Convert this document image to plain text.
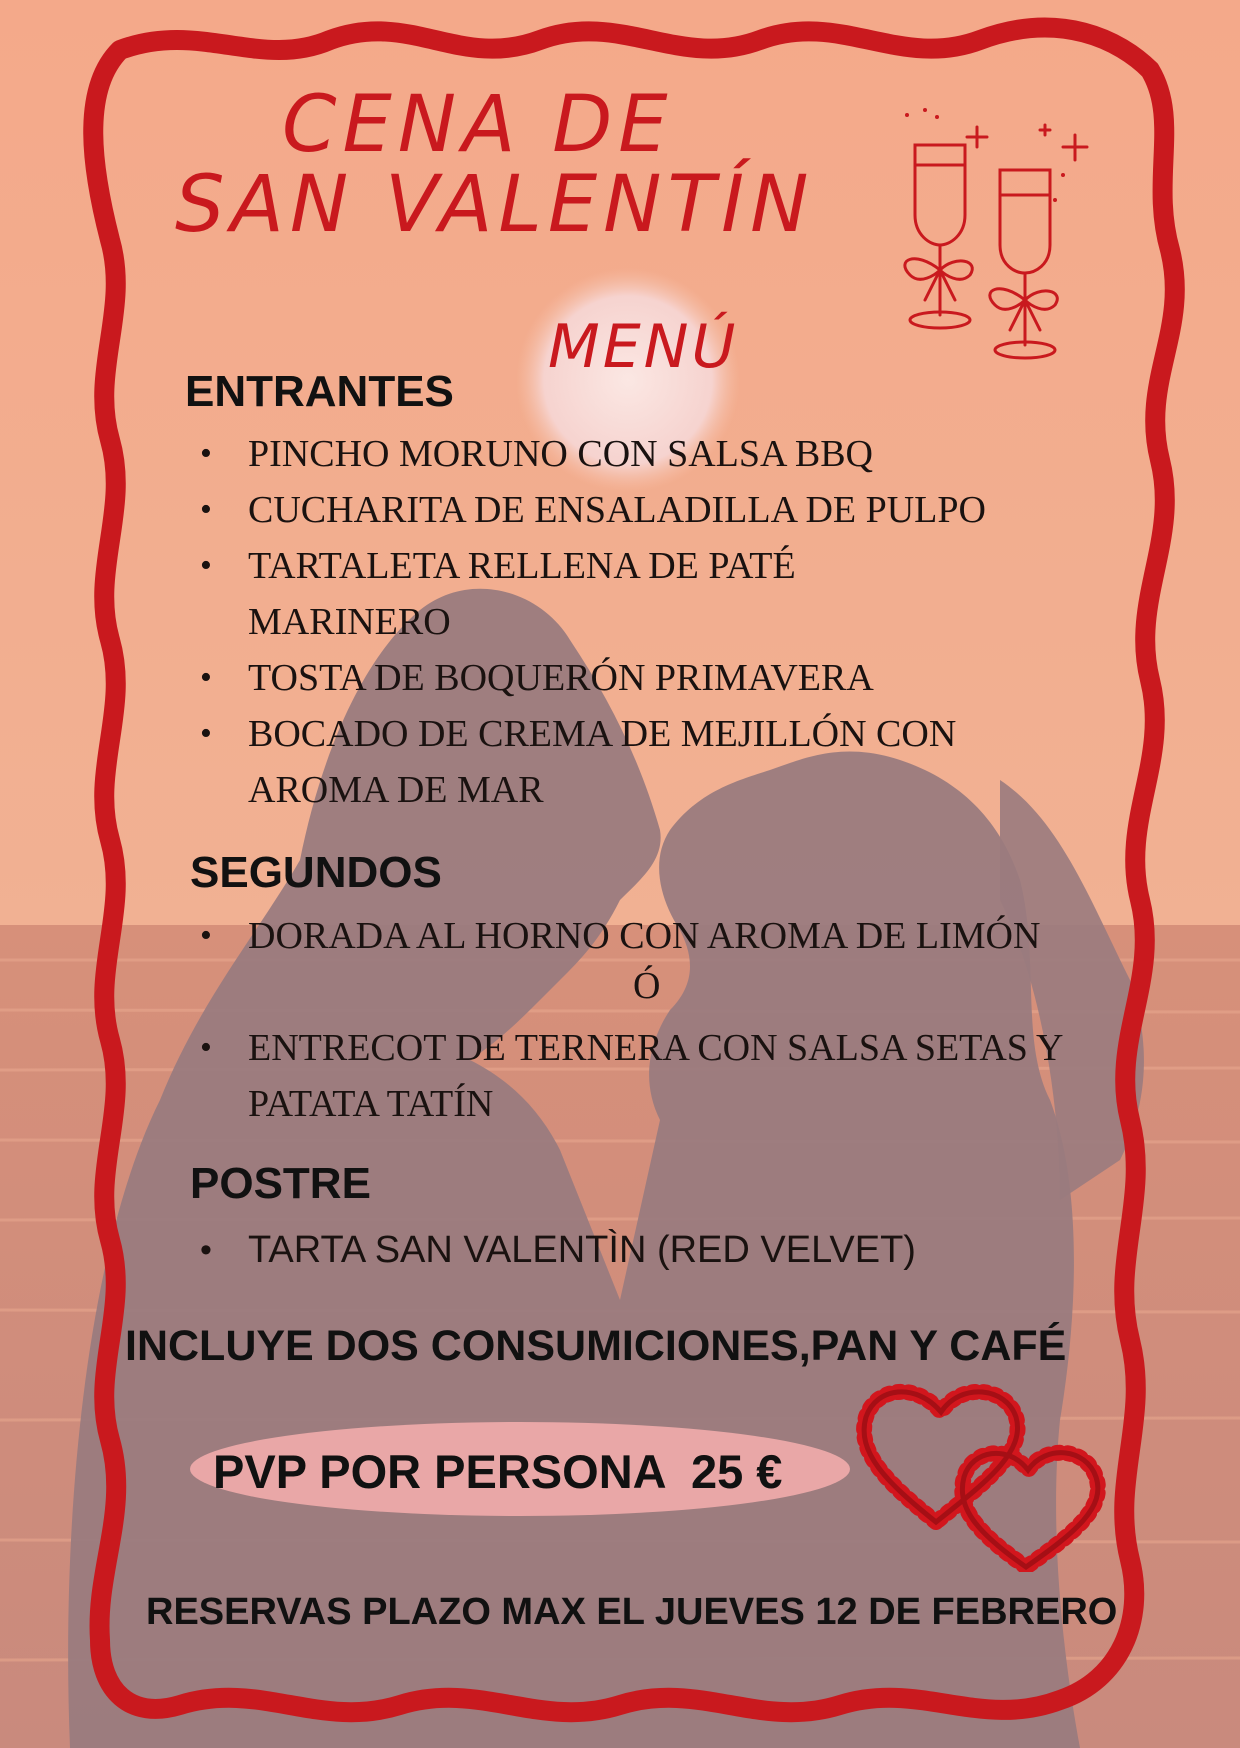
CENA DE
SAN VALENTÍN
MENÚ
ENTRANTES
• PINCHO MORUNO CON SALSA BBQ
• CUCHARITA DE ENSALADILLA DE PULPO
• TARTALETA RELLENA DE PATÉ MARINERO
• TOSTA DE BOQUERÓN PRIMAVERA
• BOCADO DE CREMA DE MEJILLÓN CON AROMA DE MAR
SEGUNDOS
• DORADA AL HORNO CON AROMA DE LIMÓN
Ó
• ENTRECOT DE TERNERA CON SALSA SETAS Y PATATA TATÍN
POSTRE
• TARTA SAN VALENTÌN (RED VELVET)
INCLUYE DOS CONSUMICIONES,PAN Y CAFÉ
PVP POR PERSONA  25 €
RESERVAS PLAZO MAX EL JUEVES 12 DE FEBRERO
